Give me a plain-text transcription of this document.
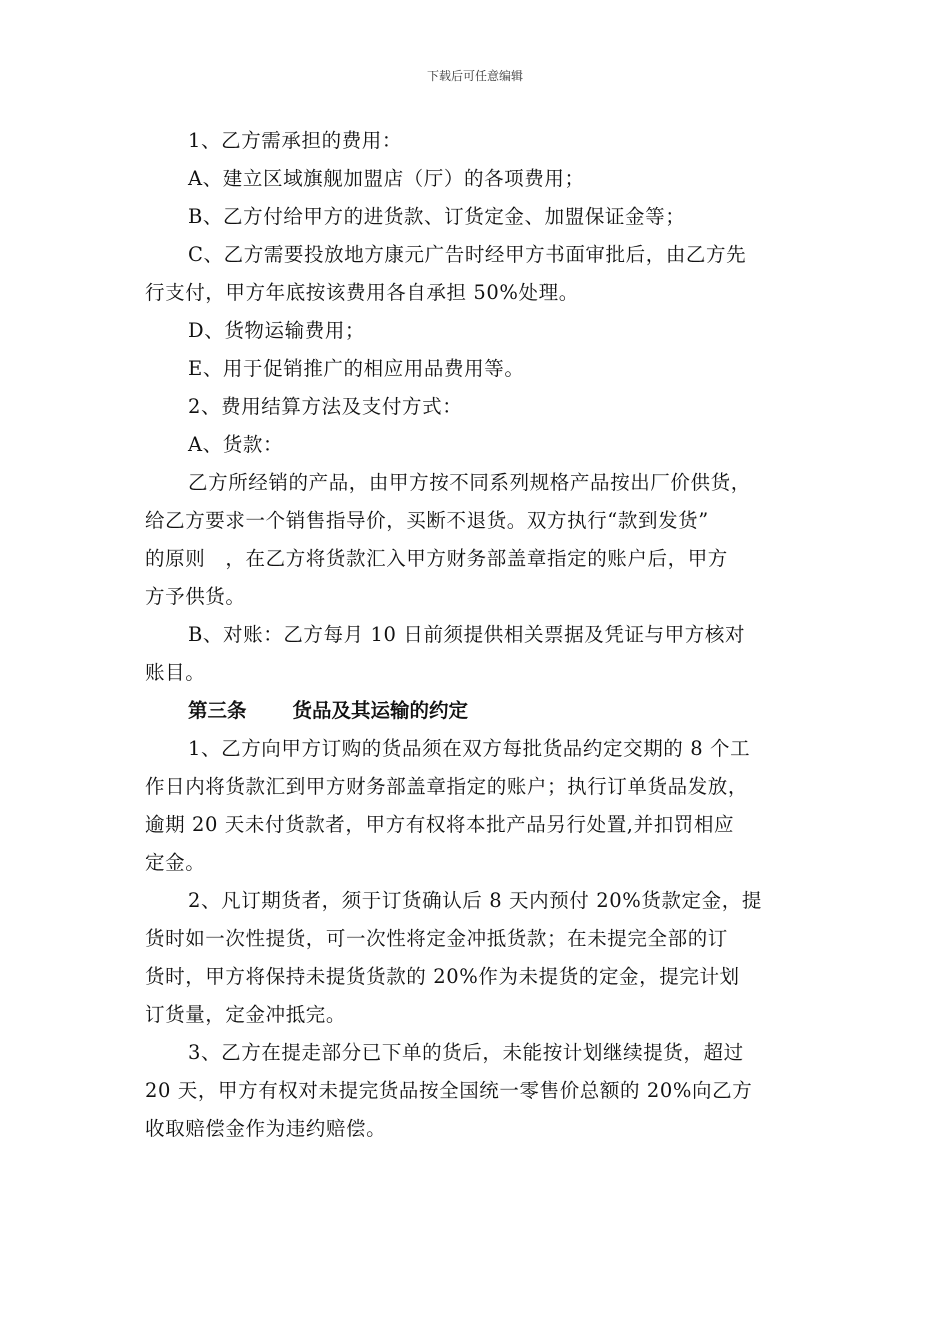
下载后可任意编辑
1、乙方需承担的费用：
A、建立区域旗舰加盟店（厅）的各项费用；
B、乙方付给甲方的进货款、订货定金、加盟保证金等；
C、乙方需要投放地方康元广告时经甲方书面审批后，由乙方先
行支付，甲方年底按该费用各自承担 50%处理。
D、货物运输费用；
E、用于促销推广的相应用品费用等。
2、费用结算方法及支付方式：
A、货款：
乙方所经销的产品，由甲方按不同系列规格产品按出厂价供货，
给乙方要求一个销售指导价，买断不退货。双方执行“款到发货”
的原则　，在乙方将货款汇入甲方财务部盖章指定的账户后，甲方
方予供货。
B、对账：乙方每月 10 日前须提供相关票据及凭证与甲方核对
账目。
第三条 货品及其运输的约定
1、乙方向甲方订购的货品须在双方每批货品约定交期的 8 个工
作日内将货款汇到甲方财务部盖章指定的账户；执行订单货品发放，
逾期 20 天未付货款者，甲方有权将本批产品另行处置,并扣罚相应
定金。
2、凡订期货者，须于订货确认后 8 天内预付 20%货款定金，提
货时如一次性提货，可一次性将定金冲抵货款；在未提完全部的订
货时，甲方将保持未提货货款的 20%作为未提货的定金，提完计划
订货量，定金冲抵完。
3、乙方在提走部分已下单的货后，未能按计划继续提货，超过
20 天，甲方有权对未提完货品按全国统一零售价总额的 20%向乙方
收取赔偿金作为违约赔偿。
